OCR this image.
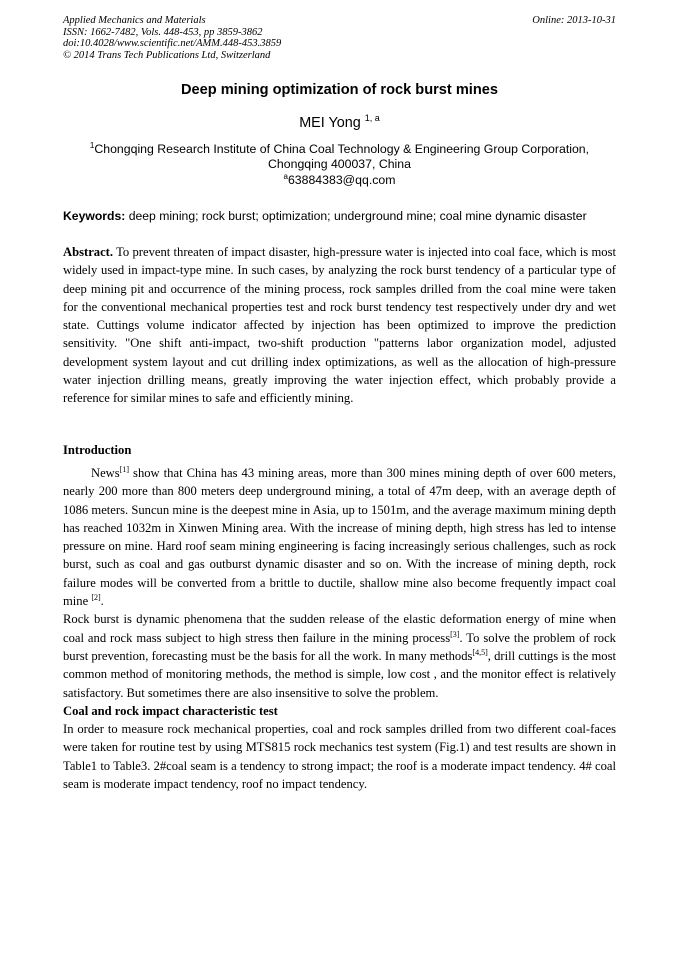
Applied Mechanics and Materials
ISSN: 1662-7482, Vols. 448-453, pp 3859-3862
doi:10.4028/www.scientific.net/AMM.448-453.3859
© 2014 Trans Tech Publications Ltd, Switzerland
Online: 2013-10-31
Deep mining optimization of rock burst mines
MEI Yong $^{1, a}$
$^1$Chongqing Research Institute of China Coal Technology & Engineering Group Corporation,
Chongqing 400037, China
$^a$63884383@qq.com
Keywords: deep mining; rock burst; optimization; underground mine; coal mine dynamic disaster
Abstract. To prevent threaten of impact disaster, high-pressure water is injected into coal face, which is most widely used in impact-type mine. In such cases, by analyzing the rock burst tendency of a particular type of deep mining pit and occurrence of the mining process, rock samples drilled from the coal mine were taken for the conventional mechanical properties test and rock burst tendency test respectively under dry and wet state. Cuttings volume indicator affected by injection has been optimized to improve the prediction sensitivity. "One shift anti-impact, two-shift production "patterns labor organization model, adjusted development system layout and cut drilling index optimizations, as well as the allocation of high-pressure water injection drilling means, greatly improving the water injection effect, which probably provide a reference for similar mines to safe and efficiently mining.
Introduction

News[1] show that China has 43 mining areas, more than 300 mines mining depth of over 600 meters, nearly 200 more than 800 meters deep underground mining, a total of 47m deep, with an average depth of 1086 meters. Suncun mine is the deepest mine in Asia, up to 1501m, and the average maximum mining depth has reached 1032m in Xinwen Mining area. With the increase of mining depth, high stress has led to intense pressure on mine. Hard roof seam mining engineering is facing increasingly serious challenges, such as rock burst, such as coal and gas outburst dynamic disaster and so on. With the increase of mining depth, rock failure modes will be converted from a brittle to ductile, shallow mine also become frequently impact coal mine [2].

Rock burst is dynamic phenomena that the sudden release of the elastic deformation energy of mine when coal and rock mass subject to high stress then failure in the mining process[3]. To solve the problem of rock burst prevention, forecasting must be the basis for all the work. In many methods[4,5], drill cuttings is the most common method of monitoring methods, the method is simple, low cost , and the monitor effect is relatively satisfactory. But sometimes there are also insensitive to solve the problem.

Coal and rock impact characteristic test

In order to measure rock mechanical properties, coal and rock samples drilled from two different coal-faces were taken for routine test by using MTS815 rock mechanics test system (Fig.1) and test results are shown in Table1 to Table3. 2#coal seam is a tendency to strong impact; the roof is a moderate impact tendency. 4# coal seam is moderate impact tendency, roof no impact tendency.
